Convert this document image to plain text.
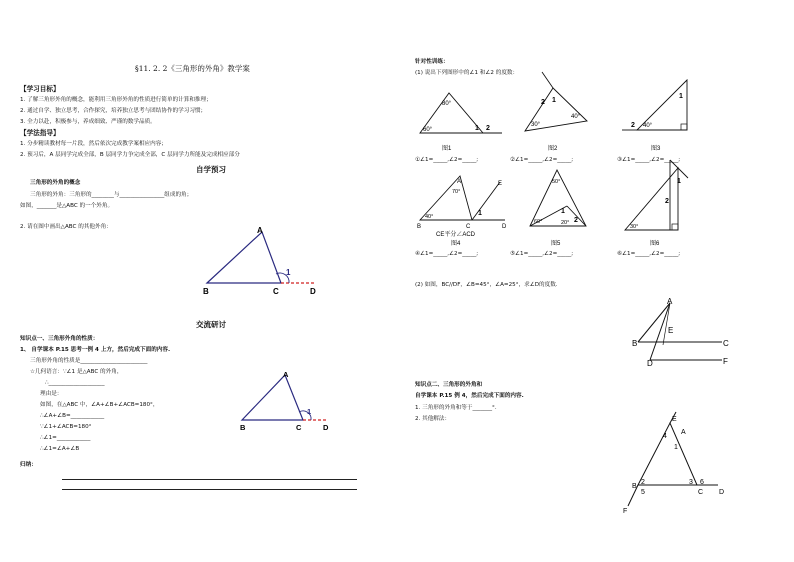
§11. 2. 2《三角形的外角》教学案
【学习目标】
1. 了解三角形外角的概念，能利用三角形外角的性质进行简单的计算和推理；
2. 通过自学、独立思考，合作探究，培养独立思考与团结协作的学习习惯；
3. 全力以赴，积极参与，养成细致、严谨的数学品质。
【学法指导】
1. 分步精读教材每一片段，然后依次完成教学案相应内容；
2. 预习后，A 层同学完成全部，B 层同学力争完成全部，C 层同学力所能及完成相应部分
自学预习
三角形的外角的概念
三角形的外角：三角形的________与________________组成的角；
如图，_______是△ABC 的一个外角。
2. 请在图中画出△ABC 的其他外角：	A
B	C	D
1
交流研讨
知识点一、三角形外角的性质：
1、 自学课本 P.15 思考一例 4 上方，然后完成下面的内容.
三角形外角的性质是________________________
☆几何语言：∵∠1 是△ABC 的外角，
∴____________________
理由是：
如图，在△ABC 中，∠A+∠B+∠ACB=180°，
∴∠A+∠B=____________
∵∠1+∠ACB=180°
∴∠1=____________
∴∠1=∠A+∠B
A
B	C	D
1
归纳：
针对性训练：
(1) 说出下列图形中的∠1 和∠2 的度数：
80°
60°	1 2
图1
2 1
30°
40°
图2
1
2 40°
图3
A	E
70°
40°	1
B	C	D
CE平分∠ACD
图4
50°
1
60°	20° 2
图5
1
2
30°
图6
①∠1=_____,∠2=_____;	②∠1=_____,∠2=_____;	③∠1=_____,∠2=_____;
④∠1=_____,∠2=_____;	⑤∠1=_____,∠2=_____;	⑥∠1=_____,∠2=_____;
(2) 如图，BC//DF，∠B=45°，∠A=25°，求∠D的度数.
A
B	C
D
E
F
知识点二、三角形的外角和
自学课本 P.15 例 4，然后完成下面的内容.
1. 三角形的外角和等于_______°.
2. 其他解法：	E
A
4
1
B
2
5
3 6
C D
F
